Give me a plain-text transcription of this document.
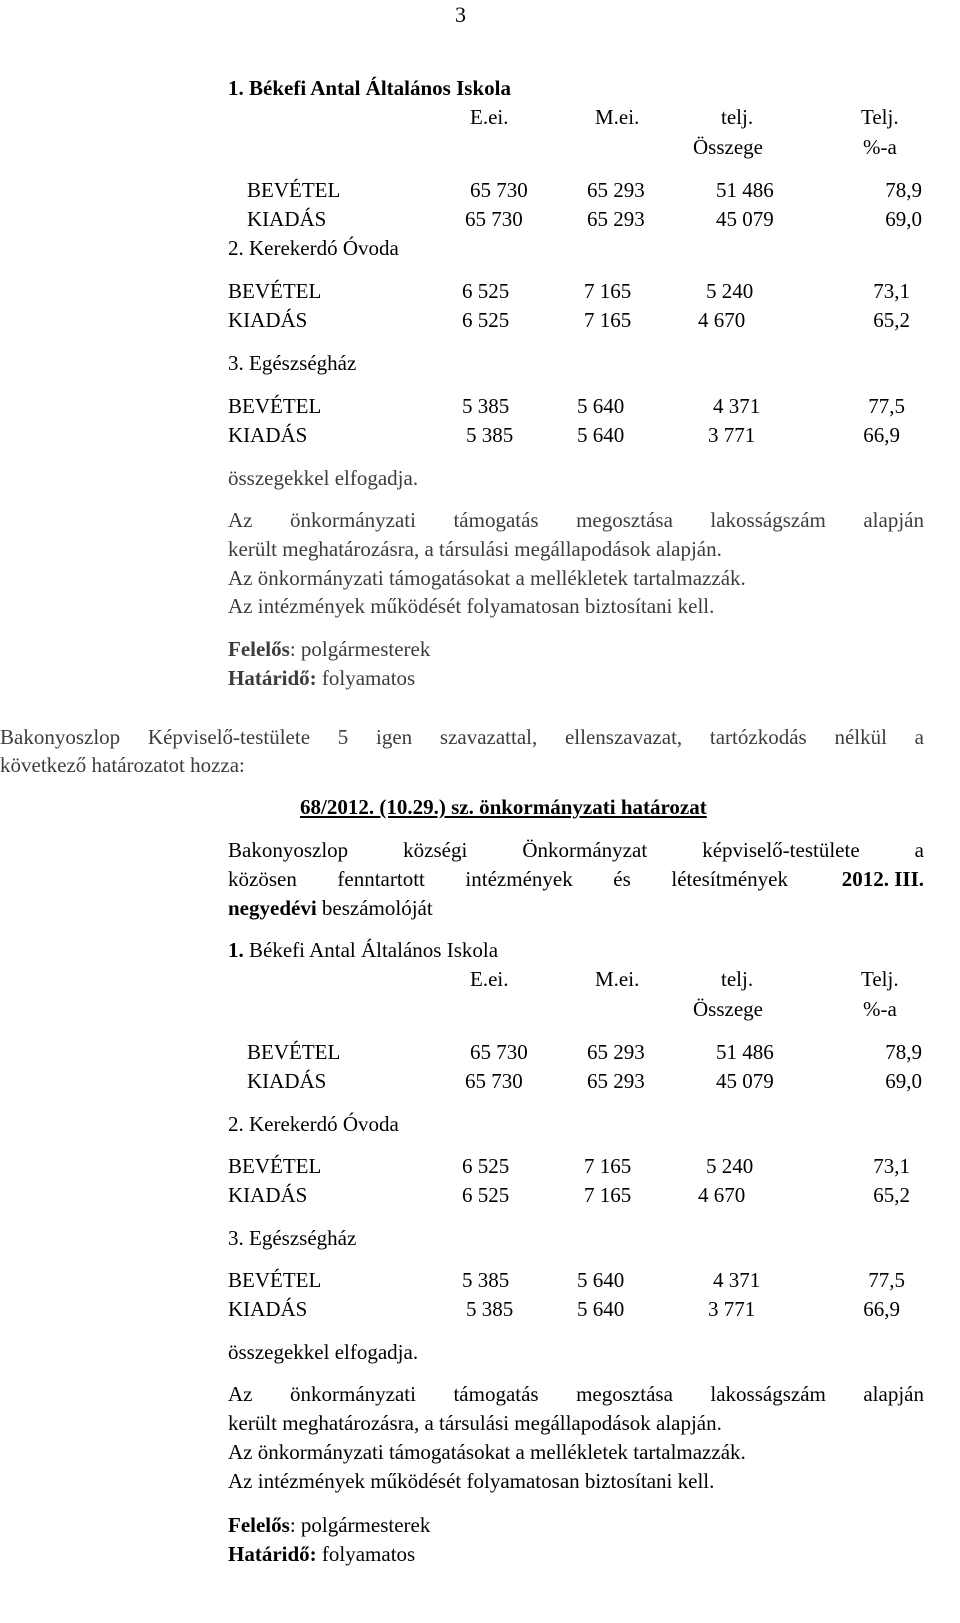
3
1. Békefi Antal Általános Iskola
E.ei.	M.ei.	telj.	Telj.
Összege	%-a
BEVÉTEL	65 730	65 293	51 486	78,9
KIADÁS	65 730	65 293	45 079	69,0
2. Kerekerdó Óvoda
BEVÉTEL	6 525	7 165	5 240	73,1
KIADÁS	6 525	7 165	4 670	65,2
3. Egészségház
BEVÉTEL	5 385	5 640	4 371	77,5
KIADÁS	5 385	5 640	3 771	66,9
összegekkel elfogadja.
Az önkormányzati támogatás megosztása lakosságszám alapján
került meghatározásra, a társulási megállapodások alapján.
Az önkormányzati támogatásokat a mellékletek tartalmazzák.
Az intézmények működését folyamatosan biztosítani kell.
Felelős: polgármesterek
Határidő: folyamatos
Bakonyoszlop Képviselő-testülete 5 igen szavazattal, ellenszavazat, tartózkodás nélkül a
következő határozatot hozza:
68/2012. (10.29.) sz. önkormányzati határozat
Bakonyoszlop községi Önkormányzat képviselő-testülete a
közösen fenntartott intézmények és létesítmények	2012. III.
negyedévi beszámolóját
1. Békefi Antal Általános Iskola
E.ei.	M.ei.	telj.	Telj.
Összege	%-a
BEVÉTEL	65 730	65 293	51 486	78,9
KIADÁS	65 730	65 293	45 079	69,0
2. Kerekerdó Óvoda
BEVÉTEL	6 525	7 165	5 240	73,1
KIADÁS	6 525	7 165	4 670	65,2
3. Egészségház
BEVÉTEL	5 385	5 640	4 371	77,5
KIADÁS	5 385	5 640	3 771	66,9
összegekkel elfogadja.
Az önkormányzati támogatás megosztása lakosságszám alapján
került meghatározásra, a társulási megállapodások alapján.
Az önkormányzati támogatásokat a mellékletek tartalmazzák.
Az intézmények működését folyamatosan biztosítani kell.
Felelős: polgármesterek
Határidő: folyamatos
